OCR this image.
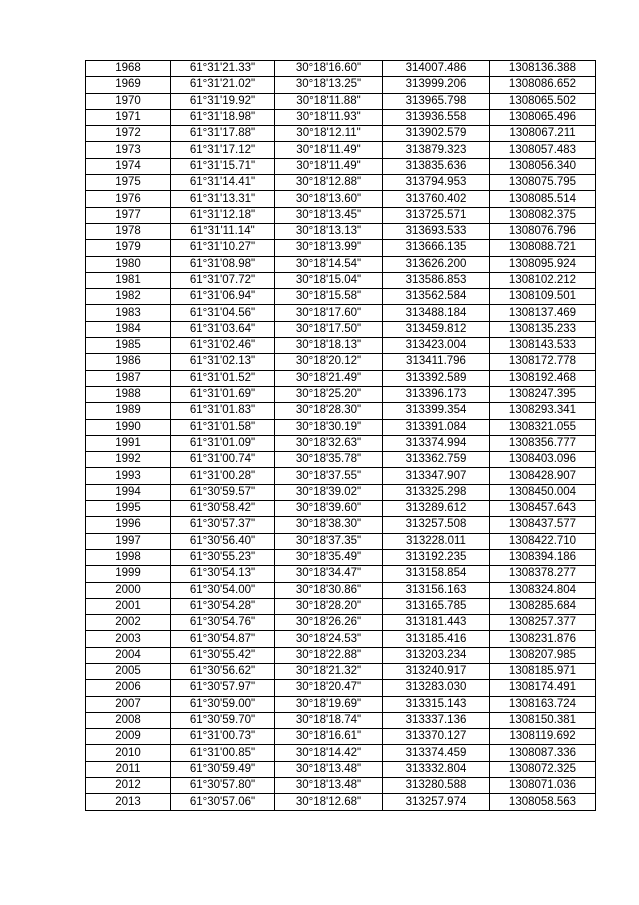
1968	61°31'21.33"	30°18'16.60"	314007.486	1308136.388
1969	61°31'21.02"	30°18'13.25"	313999.206	1308086.652
1970	61°31'19.92"	30°18'11.88"	313965.798	1308065.502
1971	61°31'18.98"	30°18'11.93"	313936.558	1308065.496
1972	61°31'17.88"	30°18'12.11"	313902.579	1308067.211
1973	61°31'17.12"	30°18'11.49"	313879.323	1308057.483
1974	61°31'15.71"	30°18'11.49"	313835.636	1308056.340
1975	61°31'14.41"	30°18'12.88"	313794.953	1308075.795
1976	61°31'13.31"	30°18'13.60"	313760.402	1308085.514
1977	61°31'12.18"	30°18'13.45"	313725.571	1308082.375
1978	61°31'11.14"	30°18'13.13"	313693.533	1308076.796
1979	61°31'10.27"	30°18'13.99"	313666.135	1308088.721
1980	61°31'08.98"	30°18'14.54"	313626.200	1308095.924
1981	61°31'07.72"	30°18'15.04"	313586.853	1308102.212
1982	61°31'06.94"	30°18'15.58"	313562.584	1308109.501
1983	61°31'04.56"	30°18'17.60"	313488.184	1308137.469
1984	61°31'03.64"	30°18'17.50"	313459.812	1308135.233
1985	61°31'02.46"	30°18'18.13"	313423.004	1308143.533
1986	61°31'02.13"	30°18'20.12"	313411.796	1308172.778
1987	61°31'01.52"	30°18'21.49"	313392.589	1308192.468
1988	61°31'01.69"	30°18'25.20"	313396.173	1308247.395
1989	61°31'01.83"	30°18'28.30"	313399.354	1308293.341
1990	61°31'01.58"	30°18'30.19"	313391.084	1308321.055
1991	61°31'01.09"	30°18'32.63"	313374.994	1308356.777
1992	61°31'00.74"	30°18'35.78"	313362.759	1308403.096
1993	61°31'00.28"	30°18'37.55"	313347.907	1308428.907
1994	61°30'59.57"	30°18'39.02"	313325.298	1308450.004
1995	61°30'58.42"	30°18'39.60"	313289.612	1308457.643
1996	61°30'57.37"	30°18'38.30"	313257.508	1308437.577
1997	61°30'56.40"	30°18'37.35"	313228.011	1308422.710
1998	61°30'55.23"	30°18'35.49"	313192.235	1308394.186
1999	61°30'54.13"	30°18'34.47"	313158.854	1308378.277
2000	61°30'54.00"	30°18'30.86"	313156.163	1308324.804
2001	61°30'54.28"	30°18'28.20"	313165.785	1308285.684
2002	61°30'54.76"	30°18'26.26"	313181.443	1308257.377
2003	61°30'54.87"	30°18'24.53"	313185.416	1308231.876
2004	61°30'55.42"	30°18'22.88"	313203.234	1308207.985
2005	61°30'56.62"	30°18'21.32"	313240.917	1308185.971
2006	61°30'57.97"	30°18'20.47"	313283.030	1308174.491
2007	61°30'59.00"	30°18'19.69"	313315.143	1308163.724
2008	61°30'59.70"	30°18'18.74"	313337.136	1308150.381
2009	61°31'00.73"	30°18'16.61"	313370.127	1308119.692
2010	61°31'00.85"	30°18'14.42"	313374.459	1308087.336
2011	61°30'59.49"	30°18'13.48"	313332.804	1308072.325
2012	61°30'57.80"	30°18'13.48"	313280.588	1308071.036
2013	61°30'57.06"	30°18'12.68"	313257.974	1308058.563
